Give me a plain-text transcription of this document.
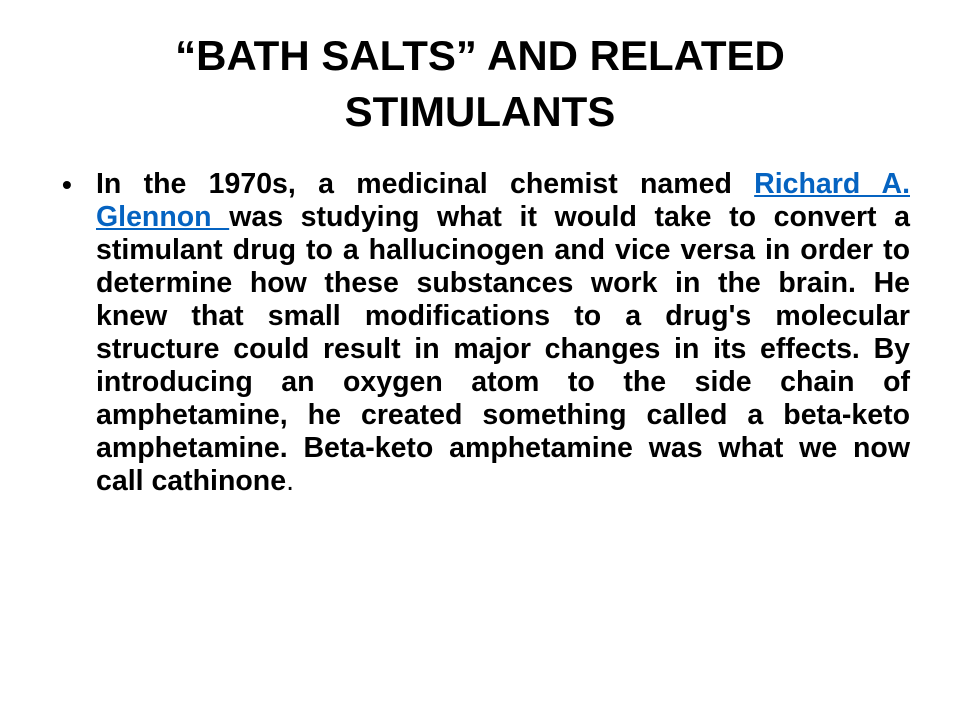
“BATH SALTS” AND RELATED STIMULANTS
• In the 1970s, a medicinal chemist named Richard A. Glennon was studying what it would take to convert a stimulant drug to a hallucinogen and vice versa in order to determine how these substances work in the brain. He knew that small modifications to a drug's molecular structure could result in major changes in its effects. By introducing an oxygen atom to the side chain of amphetamine, he created something called a beta-keto amphetamine. Beta-keto amphetamine was what we now call cathinone.
